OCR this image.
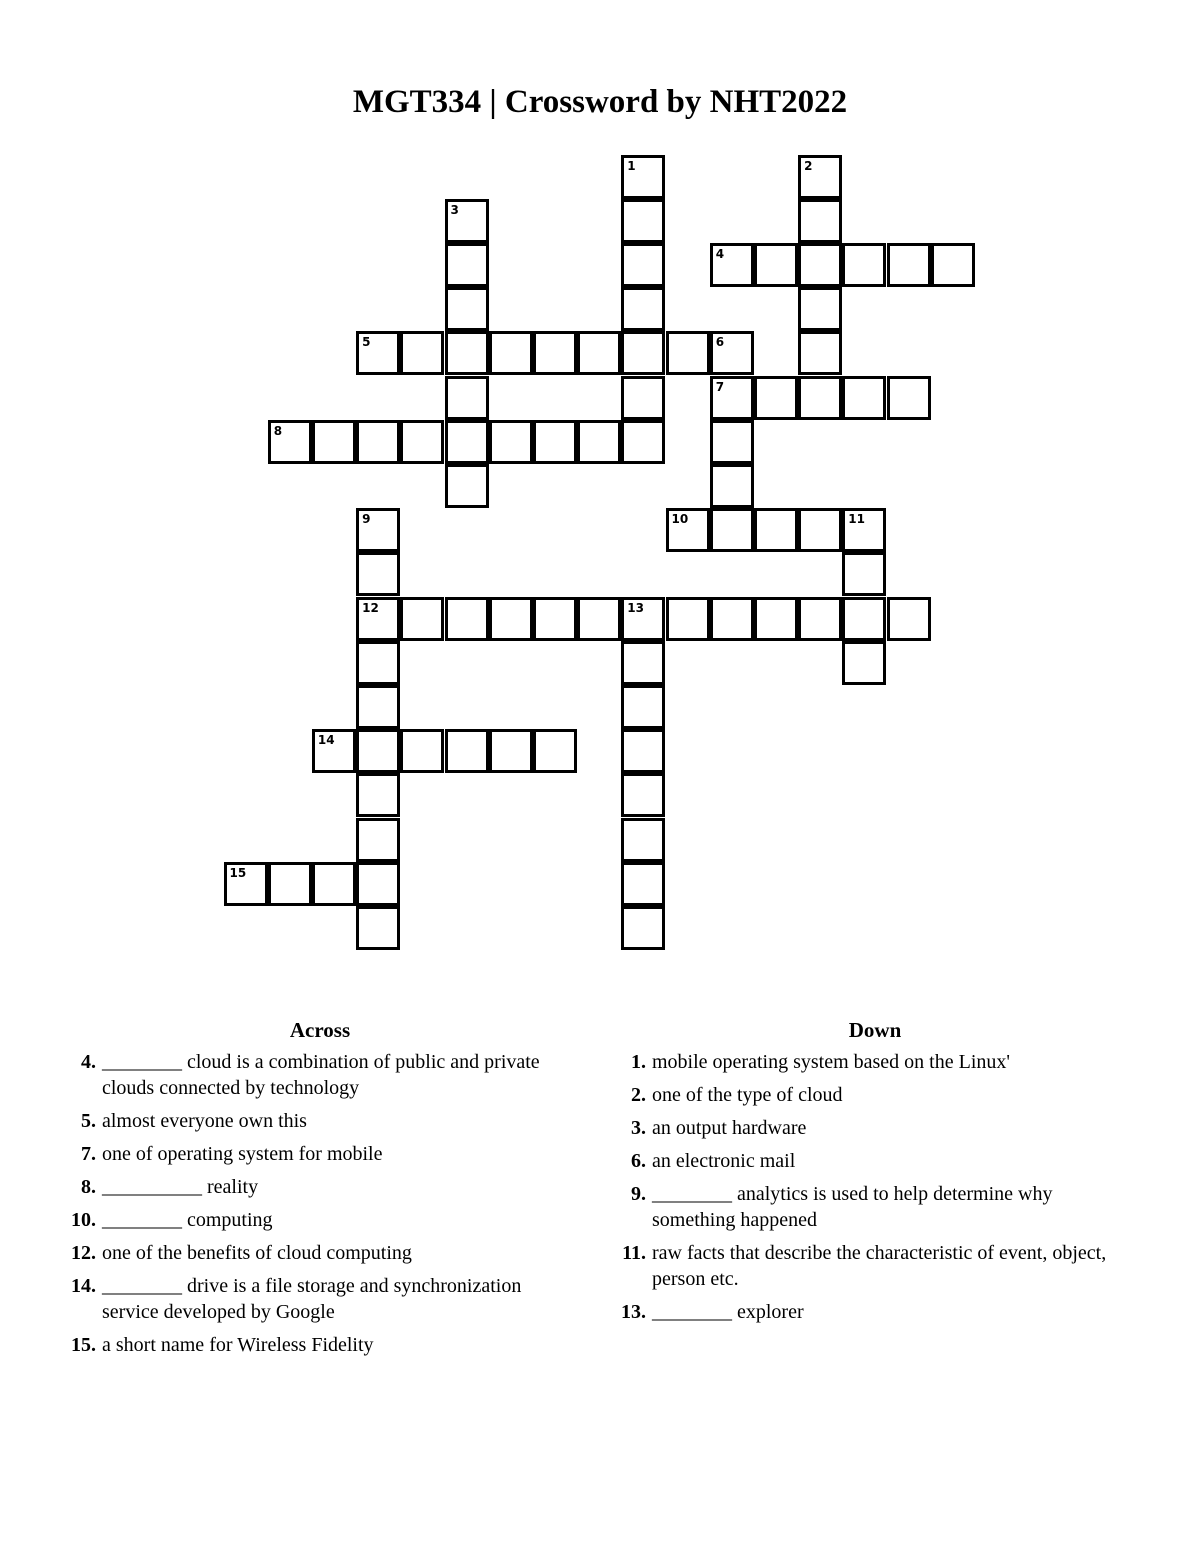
MGT334 | Crossword by NHT2022
1	2
3
4
5	6
7
8
9
12
10	11
13
14
15
Across
4. ________ cloud is a combination of public and private clouds connected by technology
5. almost everyone own this
7. one of operating system for mobile
8. __________ reality
10. ________ computing
12. one of the benefits of cloud computing
14. ________ drive is a file storage and synchronization service developed by Google
15. a short name for Wireless Fidelity
Down
1. mobile operating system based on the Linux'
2. one of the type of cloud
3. an output hardware
6. an electronic mail
9. ________ analytics is used to help determine why something happened
11. raw facts that describe the characteristic of event, object, person etc.
13. ________ explorer
